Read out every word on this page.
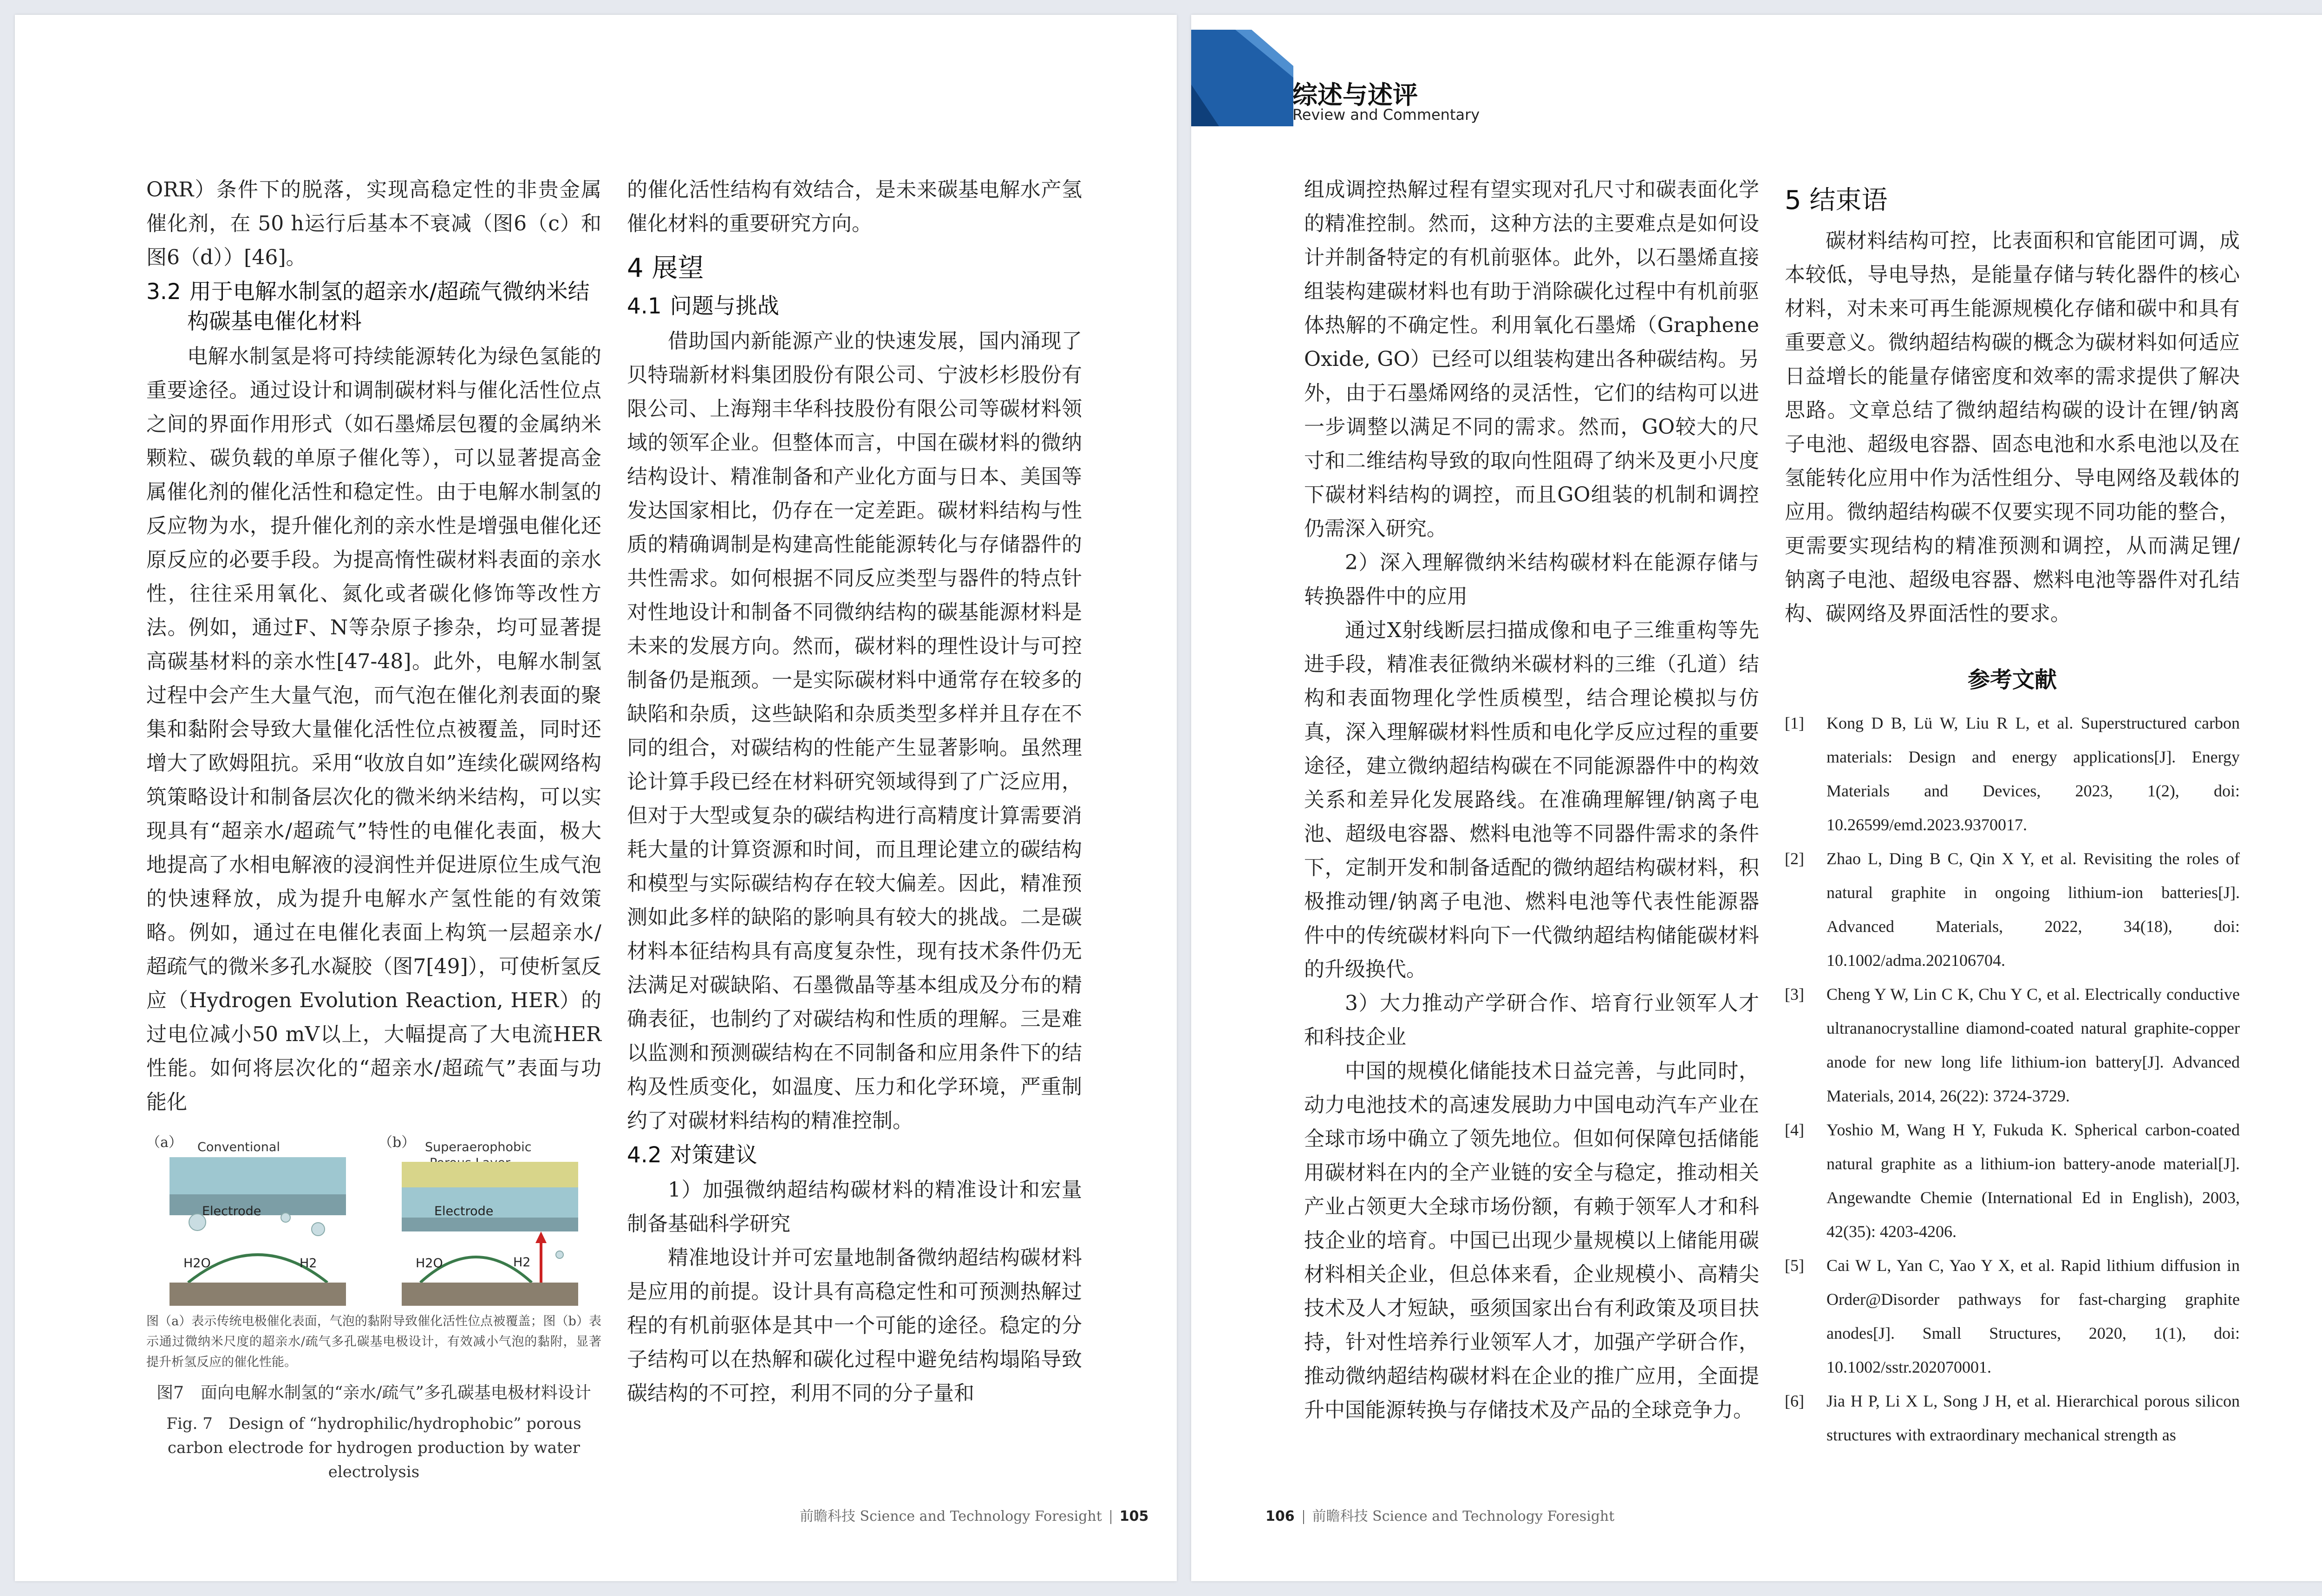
ORR）条件下的脱落，实现高稳定性的非贵金属催化剂，在 50 h运行后基本不衰减（图6（c）和图6（d））[46]。

3.2 用于电解水制氢的超亲水/超疏气微纳米结构碳基电催化材料

电解水制氢是将可持续能源转化为绿色氢能的重要途径。通过设计和调制碳材料与催化活性位点之间的界面作用形式（如石墨烯层包覆的金属纳米颗粒、碳负载的单原子催化等），可以显著提高金属催化剂的催化活性和稳定性。由于电解水制氢的反应物为水，提升催化剂的亲水性是增强电催化还原反应的必要手段。为提高惰性碳材料表面的亲水性，往往采用氧化、氮化或者碳化修饰等改性方法。例如，通过F、N等杂原子掺杂，均可显著提高碳基材料的亲水性[47-48]。此外，电解水制氢过程中会产生大量气泡，而气泡在催化剂表面的聚集和黏附会导致大量催化活性位点被覆盖，同时还增大了欧姆阻抗。采用“收放自如”连续化碳网络构筑策略设计和制备层次化的微米纳米结构，可以实现具有“超亲水/超疏气”特性的电催化表面，极大地提高了水相电解液的浸润性并促进原位生成气泡的快速释放，成为提升电解水产氢性能的有效策略。例如，通过在电催化表面上构筑一层超亲水/超疏气的微米多孔水凝胶（图7[49]），可使析氢反应（Hydrogen Evolution Reaction, HER）的过电位减小50 mV以上，大幅提高了大电流HER性能。如何将层次化的“超亲水/超疏气”表面与功能化

（a） Conventional
Electrode
H2O	H2
（b） Superaerophobic
Electrode
H2O	H2
图（a）表示传统电极催化表面，气泡的黏附导致催化活性位点被覆盖；图（b）表示通过微纳米尺度的超亲水/疏气多孔碳基电极设计，有效减小气泡的黏附，显著提升析氢反应的催化性能。
图7　面向电解水制氢的“亲水/疏气”多孔碳基电极材料设计
Fig. 7　Design of “hydrophilic/hydrophobic” porous carbon electrode for hydrogen production by water electrolysis

的催化活性结构有效结合，是未来碳基电解水产氢催化材料的重要研究方向。

4 展望
4.1 问题与挑战

借助国内新能源产业的快速发展，国内涌现了贝特瑞新材料集团股份有限公司、宁波杉杉股份有限公司、上海翔丰华科技股份有限公司等碳材料领域的领军企业。但整体而言，中国在碳材料的微纳结构设计、精准制备和产业化方面与日本、美国等发达国家相比，仍存在一定差距。碳材料结构与性质的精确调制是构建高性能能源转化与存储器件的共性需求。如何根据不同反应类型与器件的特点针对性地设计和制备不同微纳结构的碳基能源材料是未来的发展方向。然而，碳材料的理性设计与可控制备仍是瓶颈。一是实际碳材料中通常存在较多的缺陷和杂质，这些缺陷和杂质类型多样并且存在不同的组合，对碳结构的性能产生显著影响。虽然理论计算手段已经在材料研究领域得到了广泛应用，但对于大型或复杂的碳结构进行高精度计算需要消耗大量的计算资源和时间，而且理论建立的碳结构和模型与实际碳结构存在较大偏差。因此，精准预测如此多样的缺陷的影响具有较大的挑战。二是碳材料本征结构具有高度复杂性，现有技术条件仍无法满足对碳缺陷、石墨微晶等基本组成及分布的精确表征，也制约了对碳结构和性质的理解。三是难以监测和预测碳结构在不同制备和应用条件下的结构及性质变化，如温度、压力和化学环境，严重制约了对碳材料结构的精准控制。

4.2 对策建议

1）加强微纳超结构碳材料的精准设计和宏量制备基础科学研究

精准地设计并可宏量地制备微纳超结构碳材料是应用的前提。设计具有高稳定性和可预测热解过程的有机前驱体是其中一个可能的途径。稳定的分子结构可以在热解和碳化过程中避免结构塌陷导致碳结构的不可控，利用不同的分子量和

前瞻科技 Science and Technology Foresight 105
综述与述评
Review and Commentary

组成调控热解过程有望实现对孔尺寸和碳表面化学的精准控制。然而，这种方法的主要难点是如何设计并制备特定的有机前驱体。此外，以石墨烯直接组装构建碳材料也有助于消除碳化过程中有机前驱体热解的不确定性。利用氧化石墨烯（Graphene Oxide, GO）已经可以组装构建出各种碳结构。另外，由于石墨烯网络的灵活性，它们的结构可以进一步调整以满足不同的需求。然而，GO较大的尺寸和二维结构导致的取向性阻碍了纳米及更小尺度下碳材料结构的调控，而且GO组装的机制和调控仍需深入研究。

2）深入理解微纳米结构碳材料在能源存储与转换器件中的应用

通过X射线断层扫描成像和电子三维重构等先进手段，精准表征微纳米碳材料的三维（孔道）结构和表面物理化学性质模型，结合理论模拟与仿真，深入理解碳材料性质和电化学反应过程的重要途径，建立微纳超结构碳在不同能源器件中的构效关系和差异化发展路线。在准确理解锂/钠离子电池、超级电容器、燃料电池等不同器件需求的条件下，定制开发和制备适配的微纳超结构碳材料，积极推动锂/钠离子电池、燃料电池等代表性能源器件中的传统碳材料向下一代微纳超结构储能碳材料的升级换代。

3）大力推动产学研合作、培育行业领军人才和科技企业

中国的规模化储能技术日益完善，与此同时，动力电池技术的高速发展助力中国电动汽车产业在全球市场中确立了领先地位。但如何保障包括储能用碳材料在内的全产业链的安全与稳定，推动相关产业占领更大全球市场份额，有赖于领军人才和科技企业的培育。中国已出现少量规模以上储能用碳材料相关企业，但总体来看，企业规模小、高精尖技术及人才短缺，亟须国家出台有利政策及项目扶持，针对性培养行业领军人才，加强产学研合作，推动微纳超结构碳材料在企业的推广应用，全面提升中国能源转换与存储技术及产品的全球竞争力。

5 结束语

碳材料结构可控，比表面积和官能团可调，成本较低，导电导热，是能量存储与转化器件的核心材料，对未来可再生能源规模化存储和碳中和具有重要意义。微纳超结构碳的概念为碳材料如何适应日益增长的能量存储密度和效率的需求提供了解决思路。文章总结了微纳超结构碳的设计在锂/钠离子电池、超级电容器、固态电池和水系电池以及在氢能转化应用中作为活性组分、导电网络及载体的应用。微纳超结构碳不仅要实现不同功能的整合，更需要实现结构的精准预测和调控，从而满足锂/钠离子电池、超级电容器、燃料电池等器件对孔结构、碳网络及界面活性的要求。

参考文献
[1]	Kong D B, Lü W, Liu R L, et al. Superstructured carbon materials: Design and energy applications[J]. Energy Materials and Devices, 2023, 1(2), doi: 10.26599/emd.2023.9370017.
[2]	Zhao L, Ding B C, Qin X Y, et al. Revisiting the roles of natural graphite in ongoing lithium-ion batteries[J]. Advanced Materials, 2022, 34(18), doi: 10.1002/adma.202106704.
[3]	Cheng Y W, Lin C K, Chu Y C, et al. Electrically conductive ultrananocrystalline diamond-coated natural graphite-copper anode for new long life lithium-ion battery[J]. Advanced Materials, 2014, 26(22): 3724-3729.
[4]	Yoshio M, Wang H Y, Fukuda K. Spherical carbon-coated natural graphite as a lithium-ion battery-anode material[J]. Angewandte Chemie (International Ed in English), 2003, 42(35): 4203-4206.
[5]	Cai W L, Yan C, Yao Y X, et al. Rapid lithium diffusion in Order@Disorder pathways for fast-charging graphite anodes[J]. Small Structures, 2020, 1(1), doi: 10.1002/sstr.202070001.
[6]	Jia H P, Li X L, Song J H, et al. Hierarchical porous silicon structures with extraordinary mechanical strength as
106 前瞻科技 Science and Technology Foresight
